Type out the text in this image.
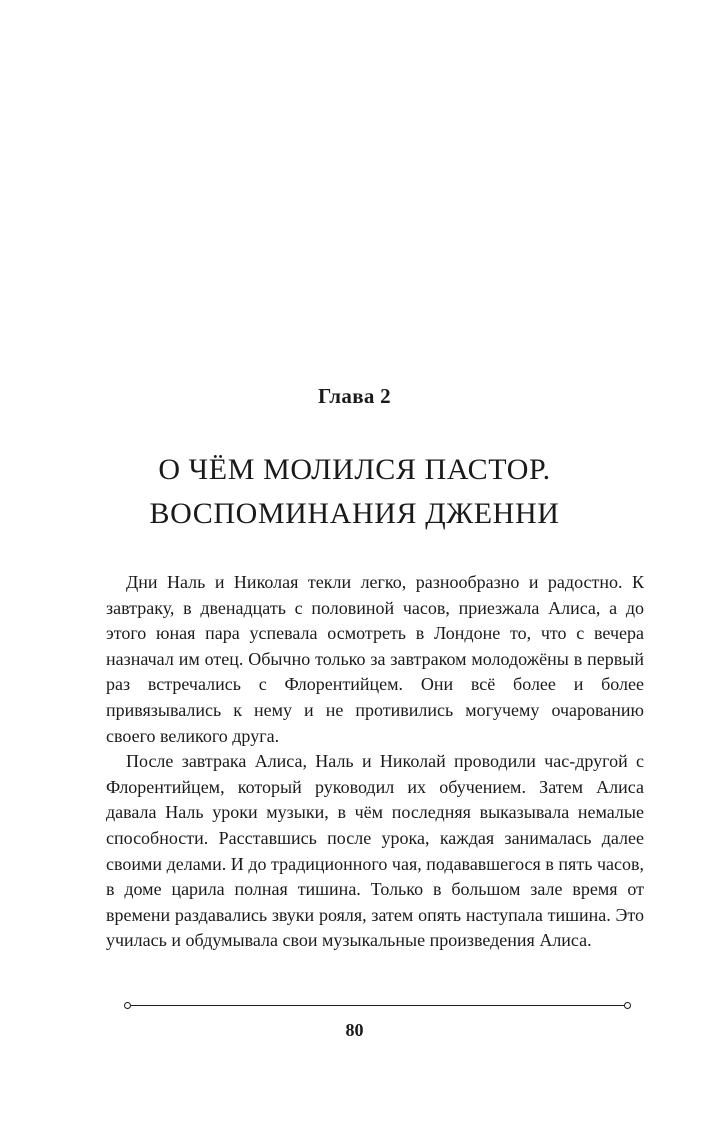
Глава 2
О ЧЁМ МОЛИЛСЯ ПАСТОР.
ВОСПОМИНАНИЯ ДЖЕННИ

Дни Наль и Николая текли легко, разнообразно и радостно. К завтраку, в двенадцать с половиной часов, приезжала Алиса, а до этого юная пара успевала осмотреть в Лондоне то, что с вечера назначал им отец. Обычно только за завтраком молодожёны в первый раз встречались с Флорентийцем. Они всё более и более привязывались к нему и не противились могучему очарованию своего великого друга.

После завтрака Алиса, Наль и Николай проводили час-другой с Флорентийцем, который руководил их обучением. Затем Алиса давала Наль уроки музыки, в чём последняя выказывала немалые способности. Расставшись после урока, каждая занималась далее своими делами. И до традиционного чая, подававшегося в пять часов, в доме царила полная тишина. Только в большом зале время от времени раздавались звуки рояля, затем опять наступала тишина. Это училась и обдумывала свои музыкальные произведения Алиса.

80
